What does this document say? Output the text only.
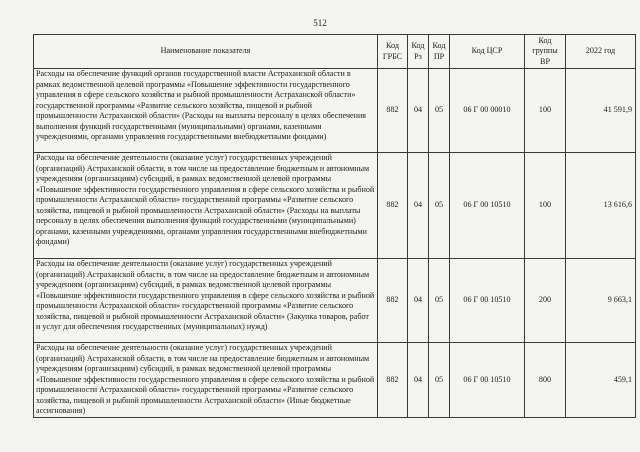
512
Наименование показателя	Код ГРБС	Код Рз	Код ПР	Код ЦСР	Код группы ВР	2022 год
Расходы на обеспечение функций органов государственной власти Астраханской области в рамках ведомственной целевой программы «Повышение эффективности государственного управления в сфере сельского хозяйства и рыбной промышленности Астраханской области» государственной программы «Развитие сельского хозяйства, пищевой и рыбной промышленности Астраханской области» (Расходы на выплаты персоналу в целях обеспечения выполнения функций государственными (муниципальными) органами, казенными учреждениями, органами управления государственными внебюджетными фондами)	882	04	05	06 Г 00 00010	100	41 591,9
Расходы на обеспечение деятельности (оказание услуг) государственных учреждений (организаций) Астраханской области, в том числе на предоставление бюджетным и автономным учреждениям (организациям) субсидий, в рамках ведомственной целевой программы «Повышение эффективности государственного управления в сфере сельского хозяйства и рыбной промышленности Астраханской области» государственной программы «Развитие сельского хозяйства, пищевой и рыбной промышленности Астраханской области» (Расходы на выплаты персоналу в целях обеспечения выполнения функций государственными (муниципальными) органами, казенными учреждениями, органами управления государственными внебюджетными фондами)	882	04	05	06 Г 00 10510	100	13 616,6
Расходы на обеспечение деятельности (оказание услуг) государственных учреждений (организаций) Астраханской области, в том числе на предоставление бюджетным и автономным учреждениям (организациям) субсидий, в рамках ведомственной целевой программы «Повышение эффективности государственного управления в сфере сельского хозяйства и рыбной промышленности Астраханской области» государственной программы «Развитие сельского хозяйства, пищевой и рыбной промышленности Астраханской области» (Закупка товаров, работ и услуг для обеспечения государственных (муниципальных) нужд)	882	04	05	06 Г 00 10510	200	9 663,1
Расходы на обеспечение деятельности (оказание услуг) государственных учреждений (организаций) Астраханской области, в том числе на предоставление бюджетным и автономным учреждениям (организациям) субсидий, в рамках ведомственной целевой программы «Повышение эффективности государственного управления в сфере сельского хозяйства и рыбной промышленности Астраханской области» государственной программы «Развитие сельского хозяйства, пищевой и рыбной промышленности Астраханской области» (Иные бюджетные ассигнования)	882	04	05	06 Г 00 10510	800	459,1
